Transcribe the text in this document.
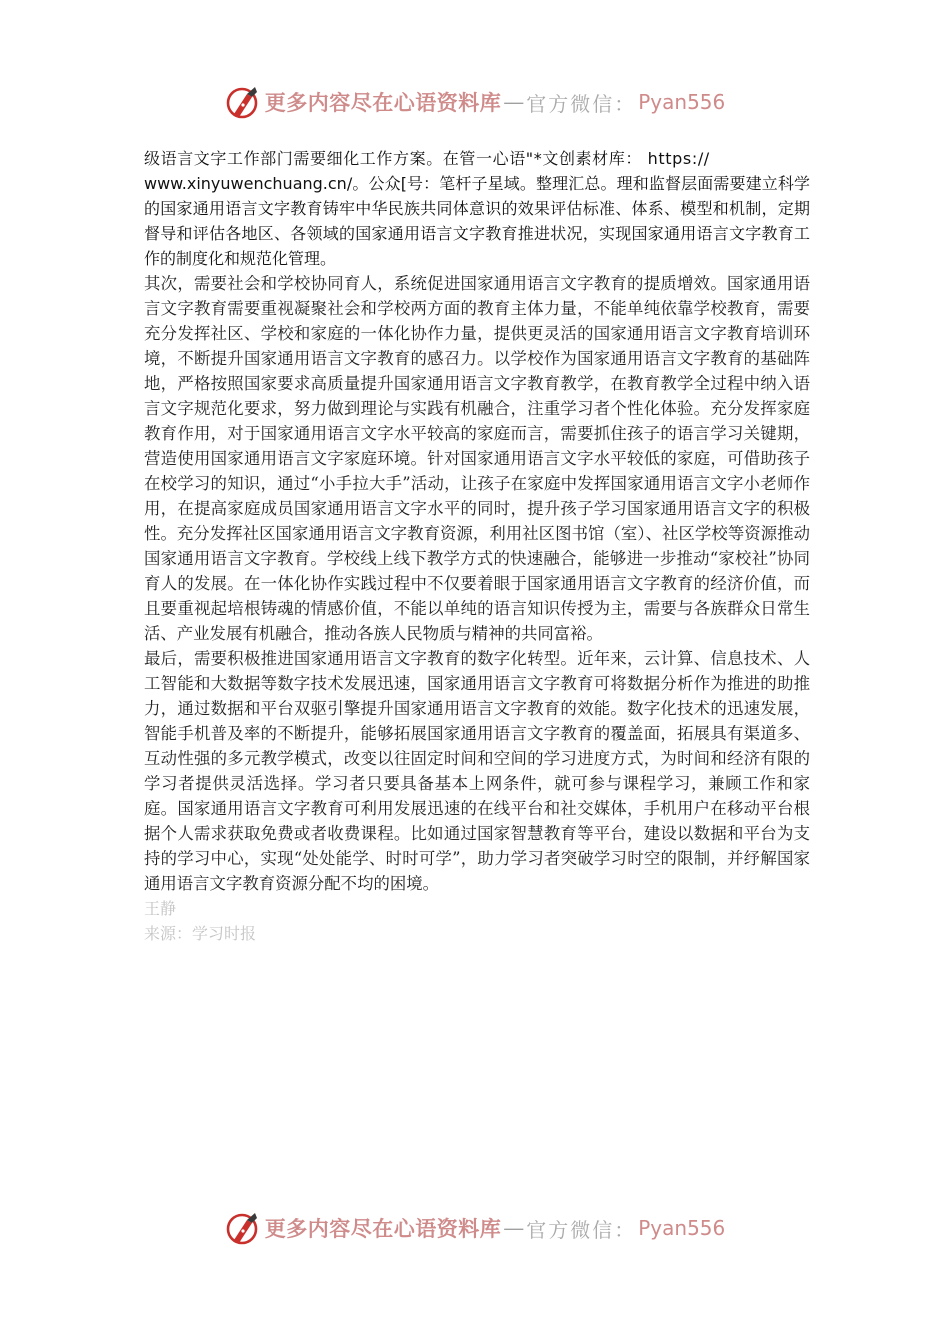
更多内容尽在心语资料库 — 官方微信： Pyan556

级语言文字工作部门需要细化工作方案。在管一心语"*文创素材库： https://
www.xinyuwenchuang.cn/。公众[号：笔杆子星域。整理汇总。理和监督层面需要建立科学的国家通用语言文字教育铸牢中华民族共同体意识的效果评估标准、体系、模型和机制，定期督导和评估各地区、各领域的国家通用语言文字教育推进状况，实现国家通用语言文字教育工作的制度化和规范化管理。

其次，需要社会和学校协同育人，系统促进国家通用语言文字教育的提质增效。国家通用语言文字教育需要重视凝聚社会和学校两方面的教育主体力量，不能单纯依靠学校教育，需要充分发挥社区、学校和家庭的一体化协作力量，提供更灵活的国家通用语言文字教育培训环境，不断提升国家通用语言文字教育的感召力。以学校作为国家通用语言文字教育的基础阵地，严格按照国家要求高质量提升国家通用语言文字教育教学，在教育教学全过程中纳入语言文字规范化要求，努力做到理论与实践有机融合，注重学习者个性化体验。充分发挥家庭教育作用，对于国家通用语言文字水平较高的家庭而言，需要抓住孩子的语言学习关键期，营造使用国家通用语言文字家庭环境。针对国家通用语言文字水平较低的家庭，可借助孩子在校学习的知识，通过“小手拉大手”活动，让孩子在家庭中发挥国家通用语言文字小老师作用，在提高家庭成员国家通用语言文字水平的同时，提升孩子学习国家通用语言文字的积极性。充分发挥社区国家通用语言文字教育资源，利用社区图书馆（室）、社区学校等资源推动国家通用语言文字教育。学校线上线下教学方式的快速融合，能够进一步推动“家校社”协同育人的发展。在一体化协作实践过程中不仅要着眼于国家通用语言文字教育的经济价值，而且要重视起培根铸魂的情感价值，不能以单纯的语言知识传授为主，需要与各族群众日常生活、产业发展有机融合，推动各族人民物质与精神的共同富裕。

最后，需要积极推进国家通用语言文字教育的数字化转型。近年来，云计算、信息技术、人工智能和大数据等数字技术发展迅速，国家通用语言文字教育可将数据分析作为推进的助推力，通过数据和平台双驱引擎提升国家通用语言文字教育的效能。数字化技术的迅速发展，智能手机普及率的不断提升，能够拓展国家通用语言文字教育的覆盖面，拓展具有渠道多、互动性强的多元教学模式，改变以往固定时间和空间的学习进度方式，为时间和经济有限的学习者提供灵活选择。学习者只要具备基本上网条件，就可参与课程学习，兼顾工作和家庭。国家通用语言文字教育可利用发展迅速的在线平台和社交媒体，手机用户在移动平台根据个人需求获取免费或者收费课程。比如通过国家智慧教育等平台，建设以数据和平台为支持的学习中心，实现“处处能学、时时可学”，助力学习者突破学习时空的限制，并纾解国家通用语言文字教育资源分配不均的困境。

王静

来源：学习时报

更多内容尽在心语资料库 — 官方微信： Pyan556
